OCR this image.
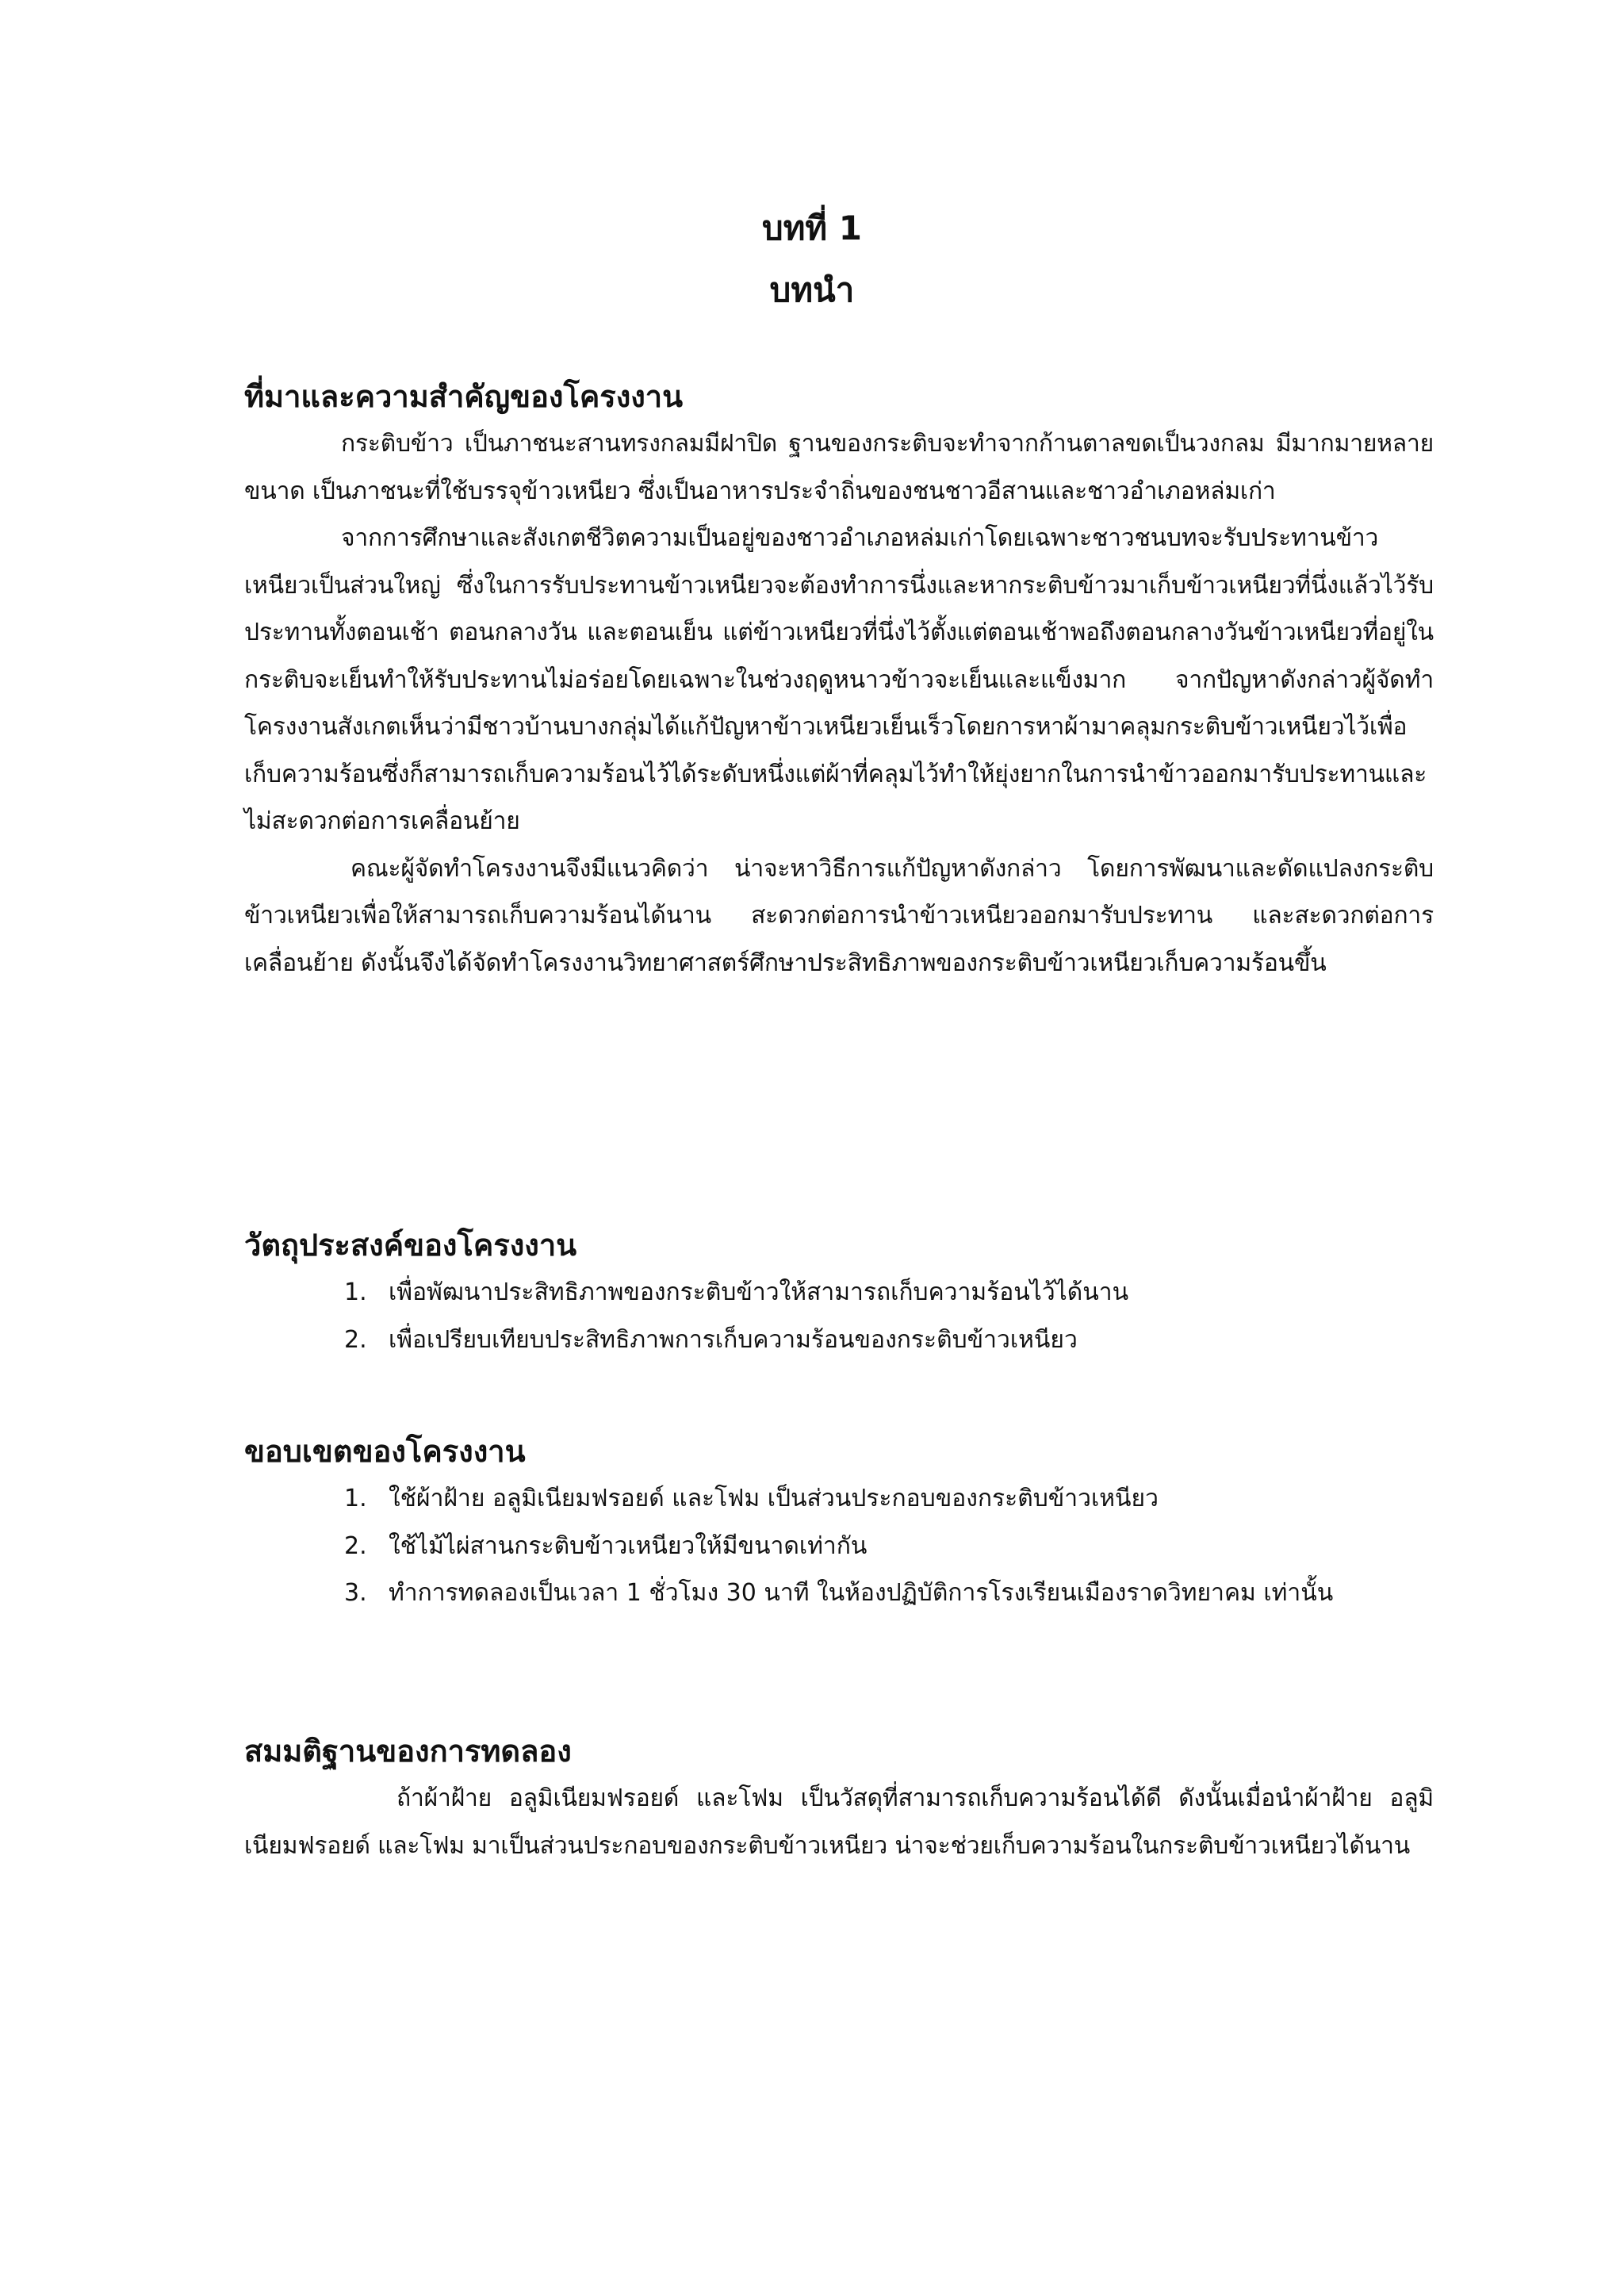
บทที่ 1
บทนำ
ที่มาและความสำคัญของโครงงาน

กระติบข้าว เป็นภาชนะสานทรงกลมมีฝาปิด ฐานของกระติบจะทำจากก้านตาลขดเป็นวงกลม มีมากมายหลายขนาด เป็นภาชนะที่ใช้บรรจุข้าวเหนียว ซึ่งเป็นอาหารประจำถิ่นของชนชาวอีสานและชาวอำเภอหล่มเก่า

จากการศึกษาและสังเกตชีวิตความเป็นอยู่ของชาวอำเภอหล่มเก่าโดยเฉพาะชาวชนบทจะรับประทานข้าวเหนียวเป็นส่วนใหญ่ ซึ่งในการรับประทานข้าวเหนียวจะต้องทำการนึ่งและหากระติบข้าวมาเก็บข้าวเหนียวที่นึ่งแล้วไว้รับประทานทั้งตอนเช้า ตอนกลางวัน และตอนเย็น แต่ข้าวเหนียวที่นึ่งไว้ตั้งแต่ตอนเช้าพอถึงตอนกลางวันข้าวเหนียวที่อยู่ในกระติบจะเย็นทำให้รับประทานไม่อร่อยโดยเฉพาะในช่วงฤดูหนาวข้าวจะเย็นและแข็งมาก จากปัญหาดังกล่าวผู้จัดทำโครงงานสังเกตเห็นว่ามีชาวบ้านบางกลุ่มได้แก้ปัญหาข้าวเหนียวเย็นเร็วโดยการหาผ้ามาคลุมกระติบข้าวเหนียวไว้เพื่อเก็บความร้อนซึ่งก็สามารถเก็บความร้อนไว้ได้ระดับหนึ่งแต่ผ้าที่คลุมไว้ทำให้ยุ่งยากในการนำข้าวออกมารับประทานและไม่สะดวกต่อการเคลื่อนย้าย

คณะผู้จัดทำโครงงานจึงมีแนวคิดว่า น่าจะหาวิธีการแก้ปัญหาดังกล่าว โดยการพัฒนาและดัดแปลงกระติบข้าวเหนียวเพื่อให้สามารถเก็บความร้อนได้นาน สะดวกต่อการนำข้าวเหนียวออกมารับประทาน และสะดวกต่อการเคลื่อนย้าย ดังนั้นจึงได้จัดทำโครงงานวิทยาศาสตร์ศึกษาประสิทธิภาพของกระติบข้าวเหนียวเก็บความร้อนขึ้น

วัตถุประสงค์ของโครงงาน
1. เพื่อพัฒนาประสิทธิภาพของกระติบข้าวให้สามารถเก็บความร้อนไว้ได้นาน
2. เพื่อเปรียบเทียบประสิทธิภาพการเก็บความร้อนของกระติบข้าวเหนียว
ขอบเขตของโครงงาน
1. ใช้ผ้าฝ้าย อลูมิเนียมฟรอยด์ และโฟม เป็นส่วนประกอบของกระติบข้าวเหนียว
2. ใช้ไม้ไผ่สานกระติบข้าวเหนียวให้มีขนาดเท่ากัน
3. ทำการทดลองเป็นเวลา 1 ชั่วโมง 30 นาที ในห้องปฏิบัติการโรงเรียนเมืองราดวิทยาคม เท่านั้น
สมมติฐานของการทดลอง

ถ้าผ้าฝ้าย อลูมิเนียมฟรอยด์ และโฟม เป็นวัสดุที่สามารถเก็บความร้อนได้ดี ดังนั้นเมื่อนำผ้าฝ้าย อลูมิเนียมฟรอยด์ และโฟม มาเป็นส่วนประกอบของกระติบข้าวเหนียว น่าจะช่วยเก็บความร้อนในกระติบข้าวเหนียวได้นาน
